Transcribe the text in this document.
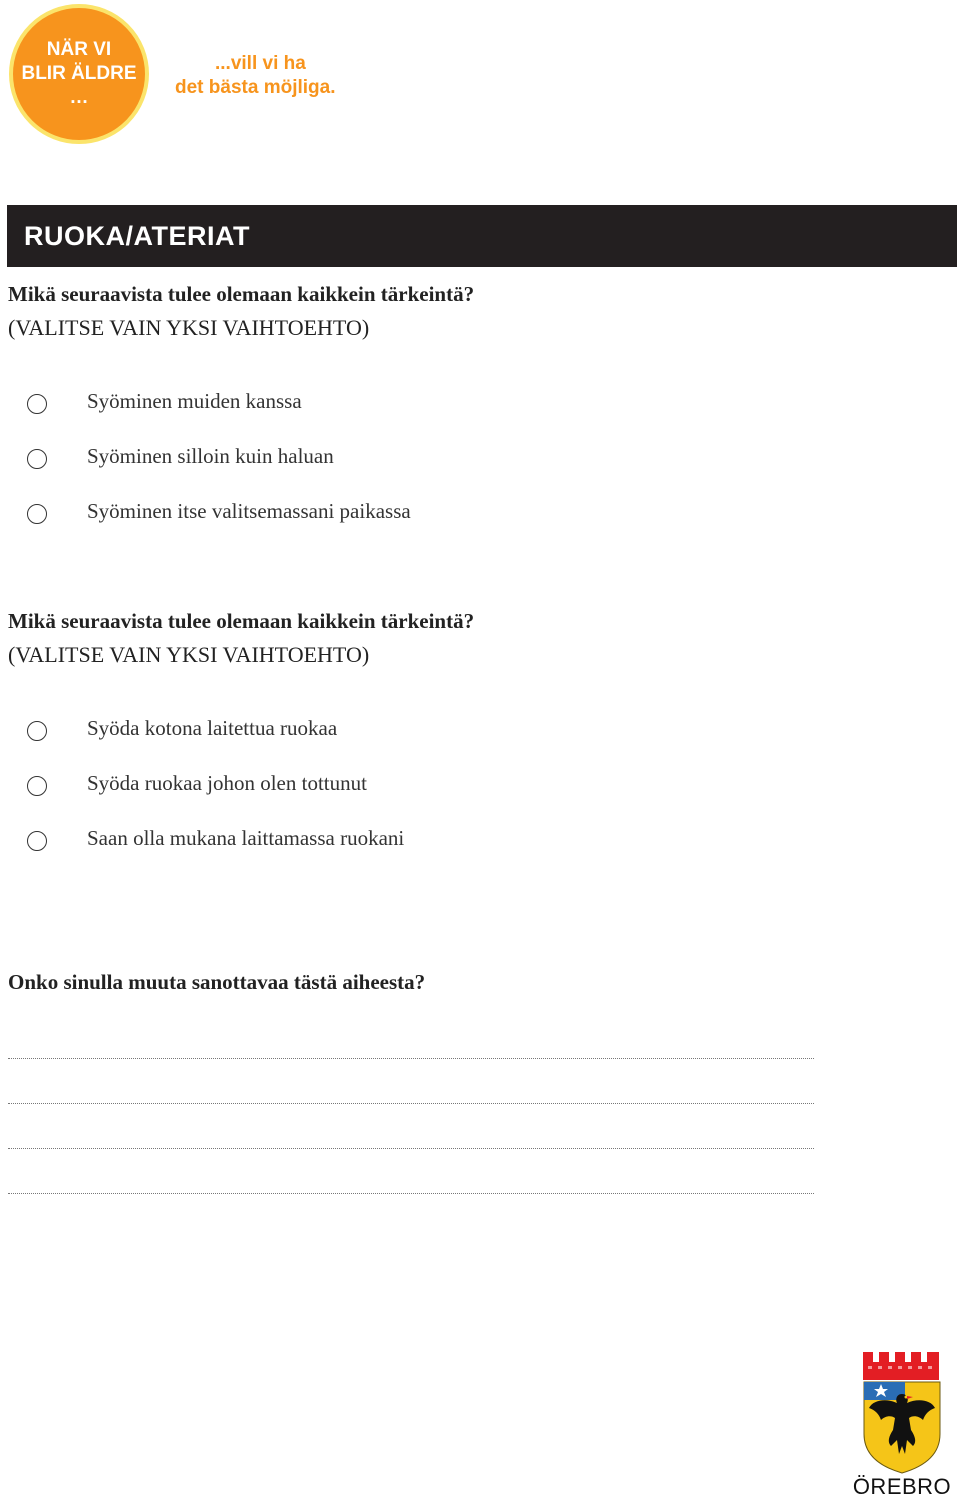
NÄR VI
BLIR ÄLDRE
…
...vill vi ha
det bästa möjliga.
RUOKA/ATERIAT
Mikä seuraavista tulee olemaan kaikkein tärkeintä?
(VALITSE VAIN YKSI VAIHTOEHTO)
Syöminen muiden kanssa
Syöminen silloin kuin haluan
Syöminen itse valitsemassani paikassa
Mikä seuraavista tulee olemaan kaikkein tärkeintä?
(VALITSE VAIN YKSI VAIHTOEHTO)
Syöda kotona laitettua ruokaa
Syöda ruokaa johon olen tottunut
Saan olla mukana laittamassa ruokani
Onko sinulla muuta sanottavaa tästä aiheesta?
ÖREBRO
